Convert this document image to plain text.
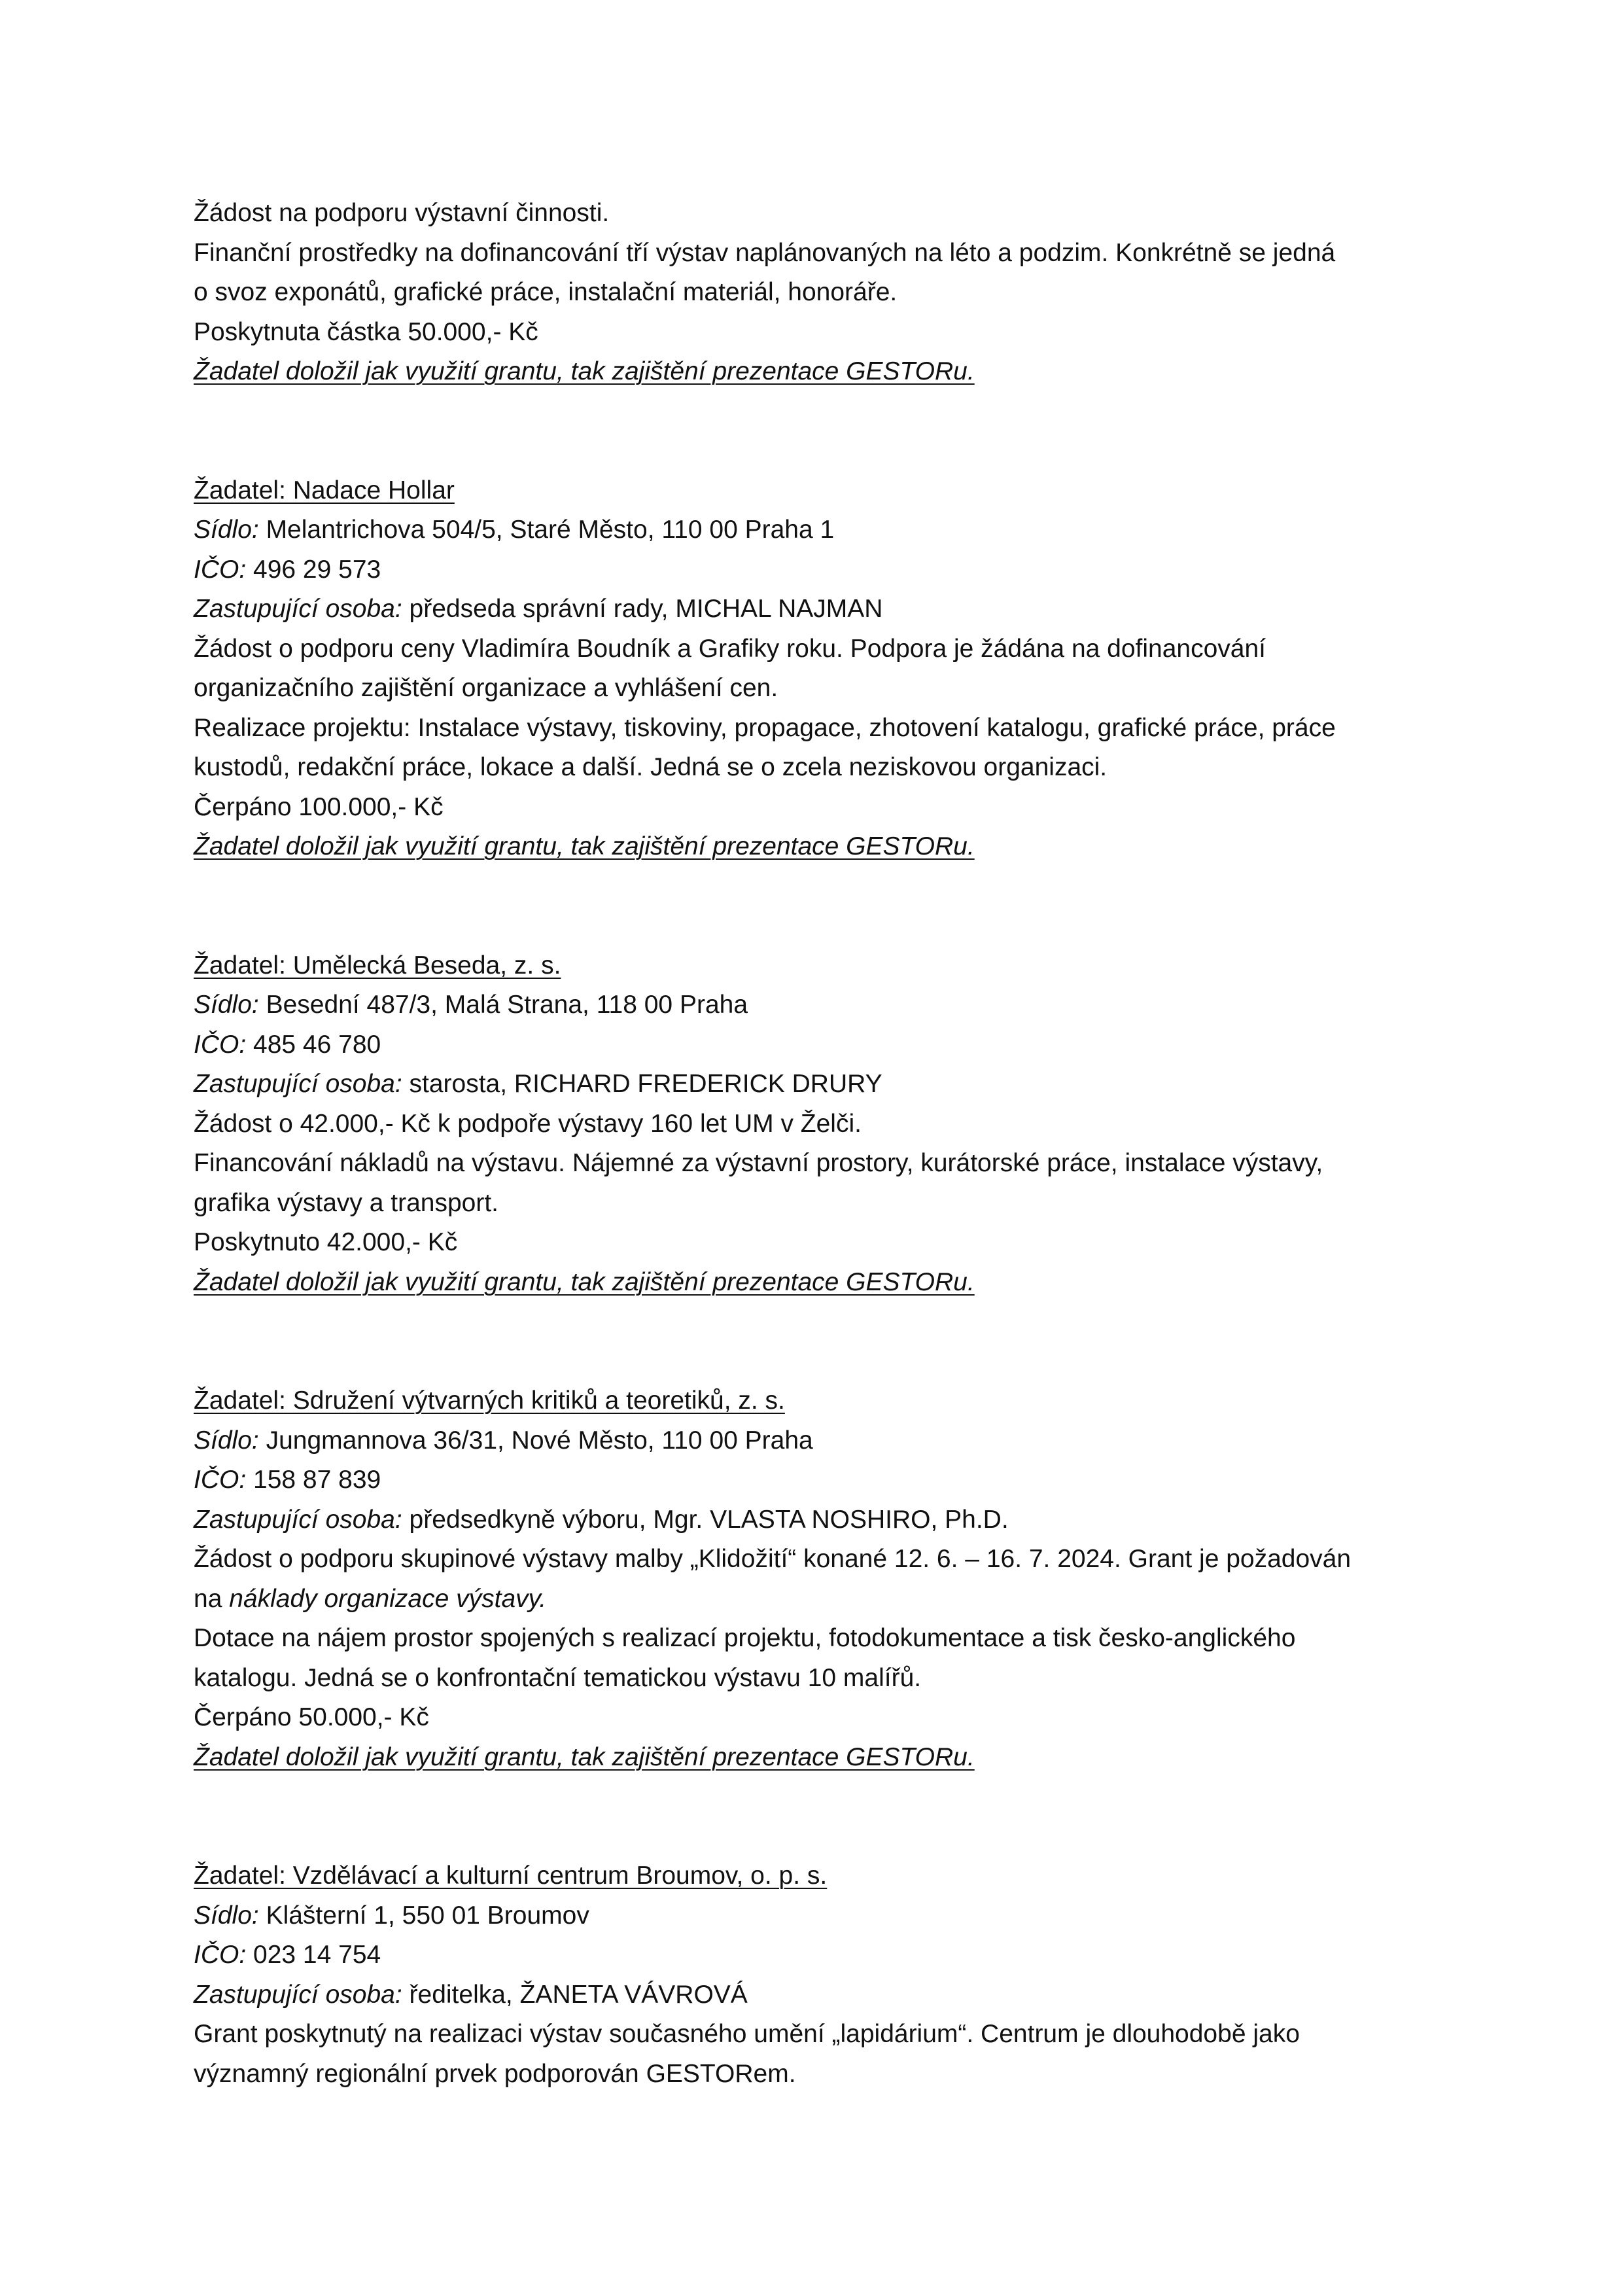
Žádost na podporu výstavní činnosti.
Finanční prostředky na dofinancování tří výstav naplánovaných na léto a podzim. Konkrétně se jedná
o svoz exponátů, grafické práce, instalační materiál, honoráře.
Poskytnuta částka 50.000,- Kč
Žadatel doložil jak využití grantu, tak zajištění prezentace GESTORu.
Žadatel: Nadace Hollar
Sídlo: Melantrichova 504/5, Staré Město, 110 00 Praha 1
IČO: 496 29 573
Zastupující osoba: předseda správní rady, MICHAL NAJMAN
Žádost o podporu ceny Vladimíra Boudník a Grafiky roku. Podpora je žádána na dofinancování
organizačního zajištění organizace a vyhlášení cen.
Realizace projektu: Instalace výstavy, tiskoviny, propagace, zhotovení katalogu, grafické práce, práce
kustodů, redakční práce, lokace a další. Jedná se o zcela neziskovou organizaci.
Čerpáno 100.000,- Kč
Žadatel doložil jak využití grantu, tak zajištění prezentace GESTORu.
Žadatel: Umělecká Beseda, z. s.
Sídlo: Besední 487/3, Malá Strana, 118 00 Praha
IČO: 485 46 780
Zastupující osoba: starosta, RICHARD FREDERICK DRURY
Žádost o 42.000,- Kč k podpoře výstavy 160 let UM v Želči.
Financování nákladů na výstavu. Nájemné za výstavní prostory, kurátorské práce, instalace výstavy,
grafika výstavy a transport.
Poskytnuto 42.000,- Kč
Žadatel doložil jak využití grantu, tak zajištění prezentace GESTORu.
Žadatel: Sdružení výtvarných kritiků a teoretiků, z. s.
Sídlo: Jungmannova 36/31, Nové Město, 110 00 Praha
IČO: 158 87 839
Zastupující osoba: předsedkyně výboru, Mgr. VLASTA NOSHIRO, Ph.D.
Žádost o podporu skupinové výstavy malby „Klidožití“ konané 12. 6. – 16. 7. 2024. Grant je požadován
na náklady organizace výstavy.
Dotace na nájem prostor spojených s realizací projektu, fotodokumentace a tisk česko-anglického
katalogu. Jedná se o konfrontační tematickou výstavu 10 malířů.
Čerpáno 50.000,- Kč
Žadatel doložil jak využití grantu, tak zajištění prezentace GESTORu.
Žadatel: Vzdělávací a kulturní centrum Broumov, o. p. s.
Sídlo: Klášterní 1, 550 01 Broumov
IČO: 023 14 754
Zastupující osoba: ředitelka, ŽANETA VÁVROVÁ
Grant poskytnutý na realizaci výstav současného umění „lapidárium“. Centrum je dlouhodobě jako
významný regionální prvek podporován GESTORem.
